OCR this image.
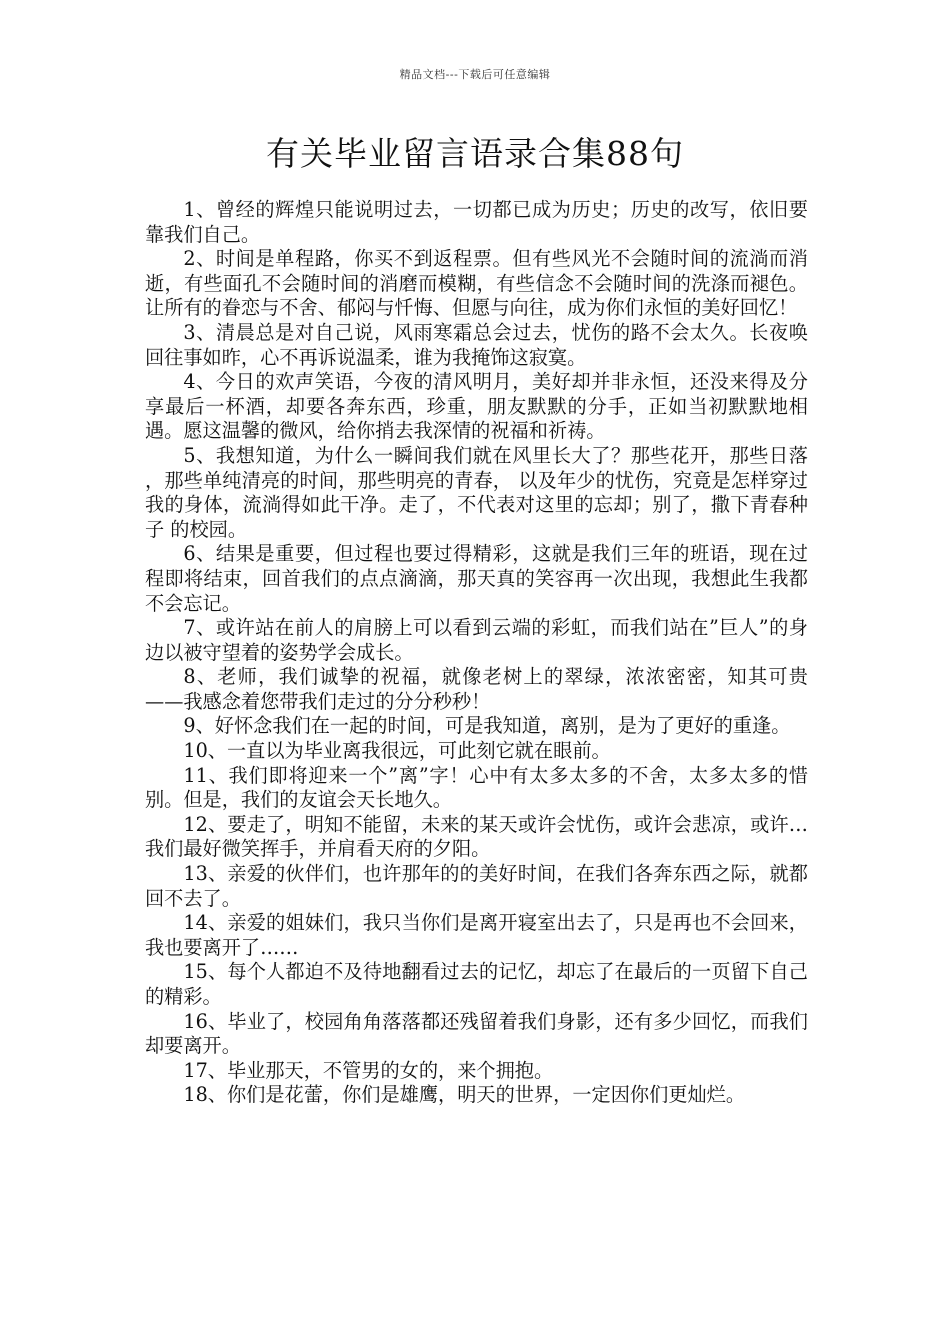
精品文档---下载后可任意编辑
有关毕业留言语录合集88句

1、曾经的辉煌只能说明过去，一切都已成为历史；历史的改写，依旧要靠我们自己。

2、时间是单程路，你买不到返程票。但有些风光不会随时间的流淌而消逝，有些面孔不会随时间的消磨而模糊，有些信念不会随时间的洗涤而褪色。让所有的眷恋与不舍、郁闷与忏悔、但愿与向往，成为你们永恒的美好回忆！

3、清晨总是对自己说，风雨寒霜总会过去，忧伤的路不会太久。长夜唤回往事如昨，心不再诉说温柔，谁为我掩饰这寂寞。

4、今日的欢声笑语，今夜的清风明月，美好却并非永恒，还没来得及分享最后一杯酒，却要各奔东西，珍重，朋友默默的分手，正如当初默默地相遇。愿这温馨的微风，给你捎去我深情的祝福和祈祷。

5、我想知道，为什么一瞬间我们就在风里长大了？那些花开，那些日落 ，那些单纯清亮的时间，那些明亮的青春， 以及年少的忧伤，究竟是怎样穿过我的身体，流淌得如此干净。走了，不代表对这里的忘却；别了，撒下青春种子 的校园。

6、结果是重要，但过程也要过得精彩，这就是我们三年的班语，现在过程即将结束，回首我们的点点滴滴，那天真的笑容再一次出现，我想此生我都不会忘记。

7、或许站在前人的肩膀上可以看到云端的彩虹，而我们站在”巨人”的身边以被守望着的姿势学会成长。

8、老师，我们诚挚的祝福，就像老树上的翠绿，浓浓密密，知其可贵——我感念着您带我们走过的分分秒秒！

9、好怀念我们在一起的时间，可是我知道，离别，是为了更好的重逢。

10、一直以为毕业离我很远，可此刻它就在眼前。

11、我们即将迎来一个”离”字！心中有太多太多的不舍，太多太多的惜别。但是，我们的友谊会天长地久。

12、要走了，明知不能留，未来的某天或许会忧伤，或许会悲凉，或许…我们最好微笑挥手，并肩看天府的夕阳。

13、亲爱的伙伴们，也许那年的的美好时间，在我们各奔东西之际，就都回不去了。

14、亲爱的姐妹们，我只当你们是离开寝室出去了，只是再也不会回来，我也要离开了……

15、每个人都迫不及待地翻看过去的记忆，却忘了在最后的一页留下自己的精彩。

16、毕业了，校园角角落落都还残留着我们身影，还有多少回忆，而我们却要离开。

17、毕业那天，不管男的女的，来个拥抱。

18、你们是花蕾，你们是雄鹰，明天的世界，一定因你们更灿烂。
